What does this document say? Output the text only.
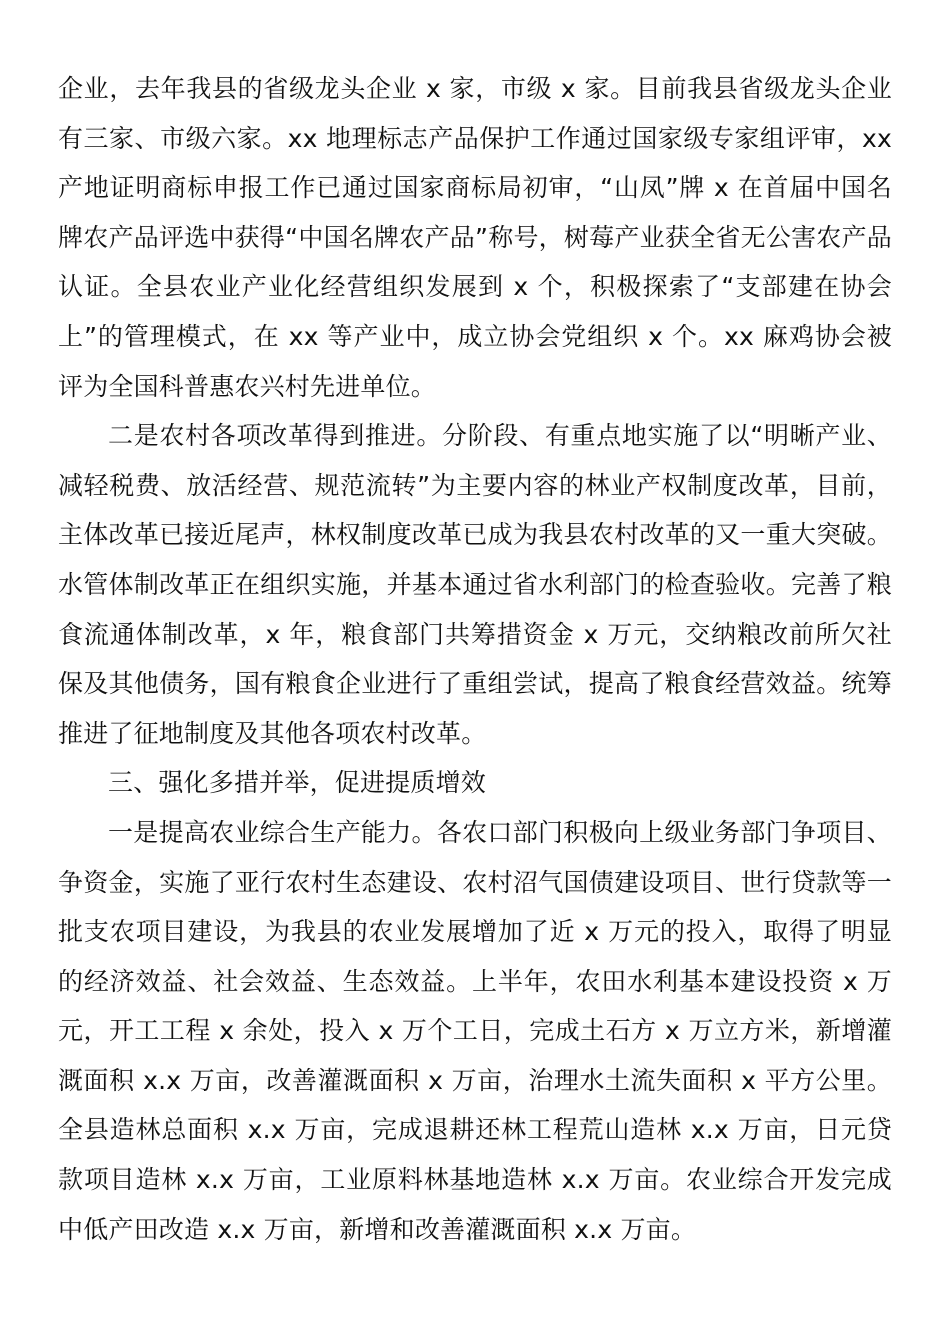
企业，去年我县的省级龙头企业 x 家，市级 x 家。目前我县省级龙头企业有三家、市级六家。xx 地理标志产品保护工作通过国家级专家组评审，xx 产地证明商标申报工作已通过国家商标局初审，“山凤”牌 x 在首届中国名牌农产品评选中获得“中国名牌农产品”称号，树莓产业获全省无公害农产品认证。全县农业产业化经营组织发展到 x 个，积极探索了“支部建在协会上”的管理模式，在 xx 等产业中，成立协会党组织 x 个。xx 麻鸡协会被评为全国科普惠农兴村先进单位。

二是农村各项改革得到推进。分阶段、有重点地实施了以“明晰产业、减轻税费、放活经营、规范流转”为主要内容的林业产权制度改革，目前，主体改革已接近尾声，林权制度改革已成为我县农村改革的又一重大突破。水管体制改革正在组织实施，并基本通过省水利部门的检查验收。完善了粮食流通体制改革，x 年，粮食部门共筹措资金 x 万元，交纳粮改前所欠社保及其他债务，国有粮食企业进行了重组尝试，提高了粮食经营效益。统筹推进了征地制度及其他各项农村改革。

三、强化多措并举，促进提质增效

一是提高农业综合生产能力。各农口部门积极向上级业务部门争项目、争资金，实施了亚行农村生态建设、农村沼气国债建设项目、世行贷款等一批支农项目建设，为我县的农业发展增加了近 x 万元的投入，取得了明显的经济效益、社会效益、生态效益。上半年，农田水利基本建设投资 x 万元，开工工程 x 余处，投入 x 万个工日，完成土石方 x 万立方米，新增灌溉面积 x.x 万亩，改善灌溉面积 x 万亩，治理水土流失面积 x 平方公里。全县造林总面积 x.x 万亩，完成退耕还林工程荒山造林 x.x 万亩，日元贷款项目造林 x.x 万亩，工业原料林基地造林 x.x 万亩。农业综合开发完成中低产田改造 x.x 万亩，新增和改善灌溉面积 x.x 万亩。
